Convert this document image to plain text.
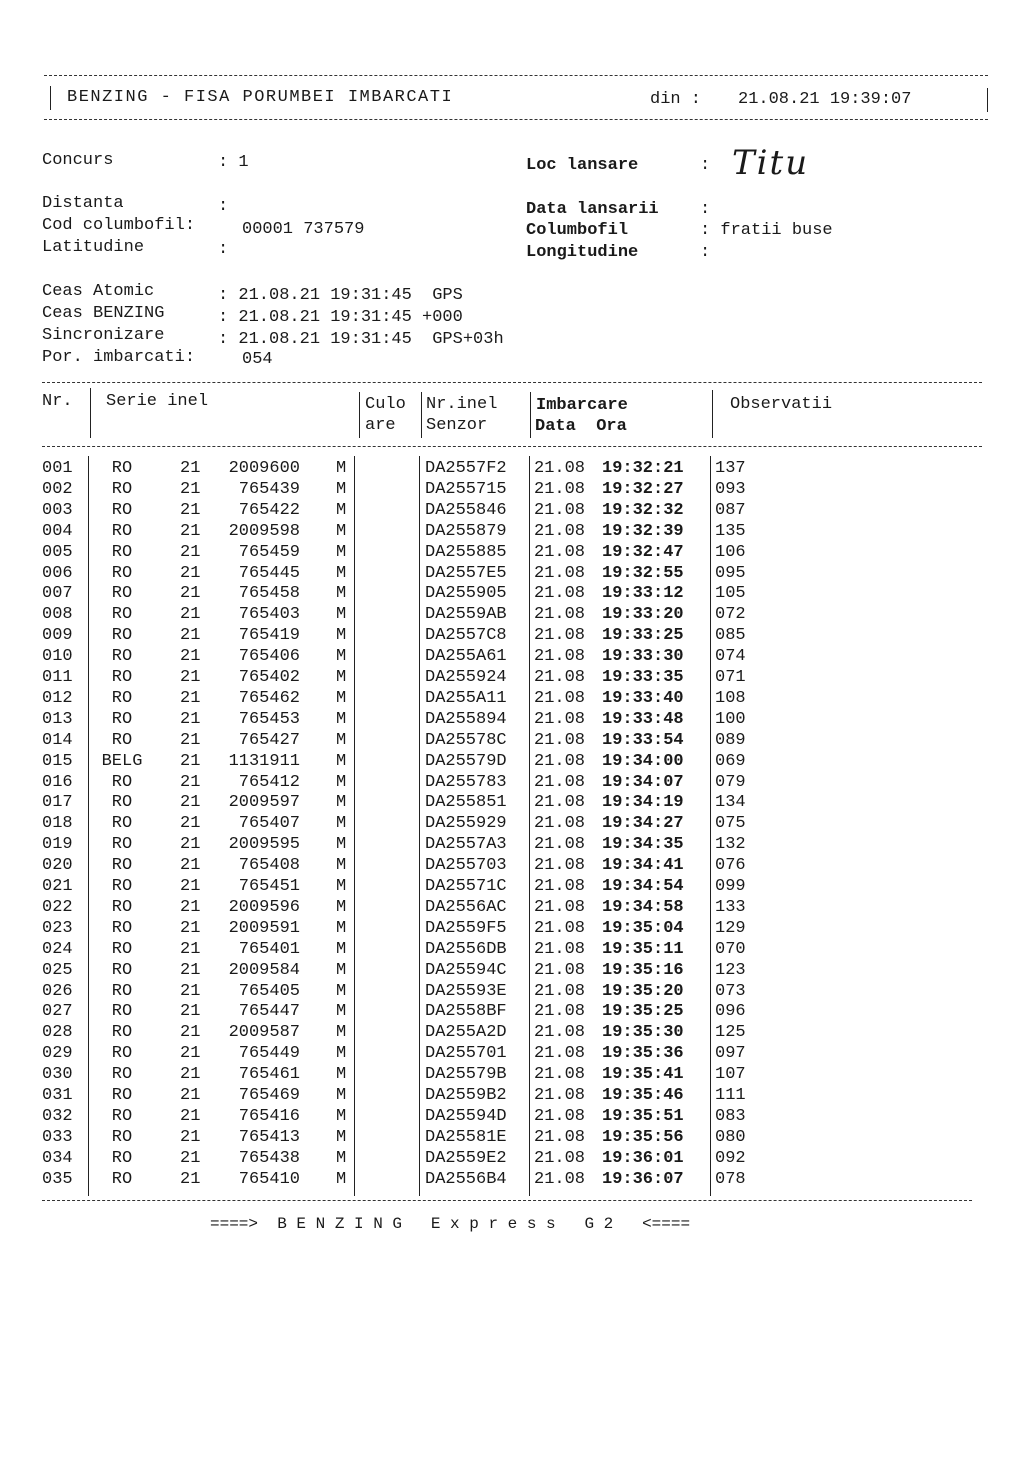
BENZING - FISA PORUMBEI IMBARCATI	din : 21.08.21 19:39:07
Concurs	: 1	Loc lansare	: Titu
Distanta	:
Cod columbofil:	00001 737579
Latitudine	:
Data lansarii :
Columbofil	: fratii buse
Longitudine	:
Ceas Atomic	: 21.08.21 19:31:45  GPS
Ceas BENZING	: 21.08.21 19:31:45 +000
Sincronizare	: 21.08.21 19:31:45  GPS+03h
Por. imbarcati:	054
Nr. Serie inel	Culo
are
Nr.inel
Senzor
Imbarcare
Data  Ora
Observatii
001	RO	21	2009600 M	DA2557F2 21.08 19:32:21 137
002	RO	21	765439 M	DA255715 21.08 19:32:27 093
003	RO	21	765422 M	DA255846 21.08 19:32:32 087
004	RO	21	2009598 M	DA255879 21.08 19:32:39 135
005	RO	21	765459 M	DA255885 21.08 19:32:47 106
006	RO	21	765445 M	DA2557E5 21.08 19:32:55 095
007	RO	21	765458 M	DA255905 21.08 19:33:12 105
008	RO	21	765403 M	DA2559AB 21.08 19:33:20 072
009	RO	21	765419 M	DA2557C8 21.08 19:33:25 085
010	RO	21	765406 M	DA255A61 21.08 19:33:30 074
011	RO	21	765402 M	DA255924 21.08 19:33:35 071
012	RO	21	765462 M	DA255A11 21.08 19:33:40 108
013	RO	21	765453 M	DA255894 21.08 19:33:48 100
014	RO	21	765427 M	DA25578C 21.08 19:33:54 089
015	BELG	21	1131911 M	DA25579D 21.08 19:34:00 069
016	RO	21	765412 M	DA255783 21.08 19:34:07 079
017	RO	21	2009597 M	DA255851 21.08 19:34:19 134
018	RO	21	765407 M	DA255929 21.08 19:34:27 075
019	RO	21	2009595 M	DA2557A3 21.08 19:34:35 132
020	RO	21	765408 M	DA255703 21.08 19:34:41 076
021	RO	21	765451 M	DA25571C 21.08 19:34:54 099
022	RO	21	2009596 M	DA2556AC 21.08 19:34:58 133
023	RO	21	2009591 M	DA2559F5 21.08 19:35:04 129
024	RO	21	765401 M	DA2556DB 21.08 19:35:11 070
025	RO	21	2009584 M	DA25594C 21.08 19:35:16 123
026	RO	21	765405 M	DA25593E 21.08 19:35:20 073
027	RO	21	765447 M	DA2558BF 21.08 19:35:25 096
028	RO	21	2009587 M	DA255A2D 21.08 19:35:30 125
029	RO	21	765449 M	DA255701 21.08 19:35:36 097
030	RO	21	765461 M	DA25579B 21.08 19:35:41 107
031	RO	21	765469 M	DA2559B2 21.08 19:35:46 111
032	RO	21	765416 M	DA25594D 21.08 19:35:51 083
033	RO	21	765413 M	DA25581E 21.08 19:35:56 080
034	RO	21	765438 M	DA2559E2 21.08 19:36:01 092
035	RO	21	765410 M	DA2556B4 21.08 19:36:07 078
====>  B E N Z I N G   E x p r e s s   G 2   <====
